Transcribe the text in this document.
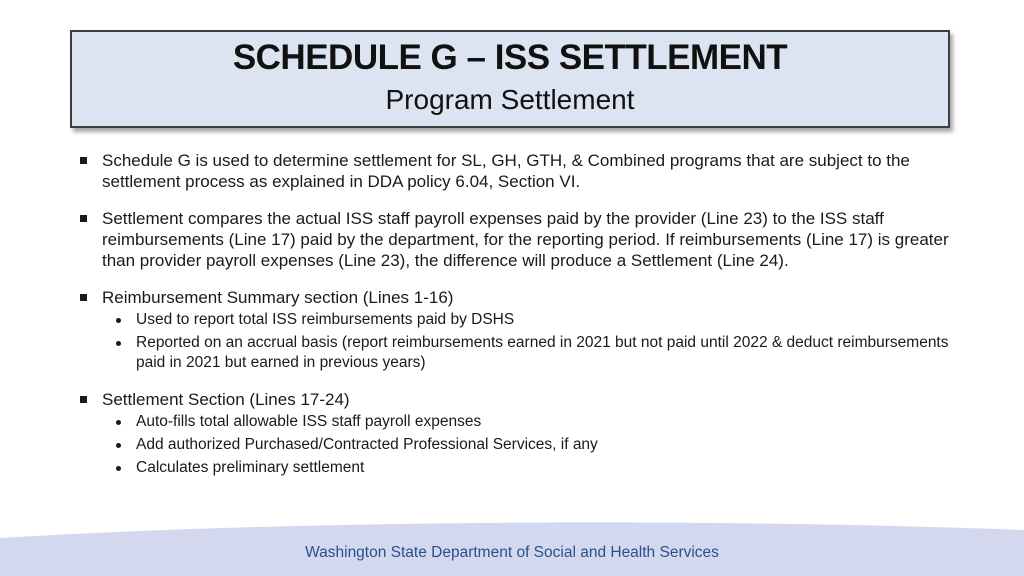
SCHEDULE G – ISS SETTLEMENT
Program Settlement
Schedule G is used to determine settlement for SL, GH, GTH, & Combined programs that are subject to the settlement process as explained in DDA policy 6.04, Section VI.
Settlement compares the actual ISS staff payroll expenses paid by the provider (Line 23) to the ISS staff reimbursements (Line 17) paid by the department, for the reporting period. If reimbursements (Line 17) is greater than provider payroll expenses (Line 23), the difference will produce a Settlement (Line 24).
Reimbursement Summary section (Lines 1-16)
Used to report total ISS reimbursements paid by DSHS
Reported on an accrual basis (report reimbursements earned in 2021 but not paid until 2022 & deduct reimbursements paid in 2021 but earned in previous years)
Settlement Section (Lines 17-24)
Auto-fills total allowable ISS staff payroll expenses
Add authorized Purchased/Contracted Professional Services, if any
Calculates preliminary settlement
Washington State Department of Social and Health Services
